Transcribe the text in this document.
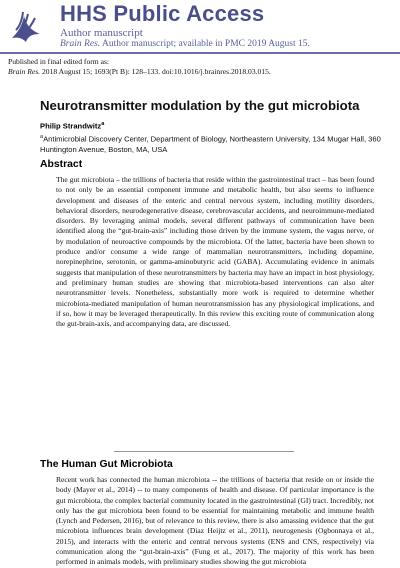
HHS Public Access
Author manuscript
Brain Res. Author manuscript; available in PMC 2019 August 15.
Published in final edited form as:
Brain Res. 2018 August 15; 1693(Pt B): 128–133. doi:10.1016/j.brainres.2018.03.015.
Neurotransmitter modulation by the gut microbiota
Philip Strandwitz$^a$
$^a$Antimicrobial Discovery Center, Department of Biology, Northeastern University, 134 Mugar Hall, 360 Huntington Avenue, Boston, MA, USA
Abstract
The gut microbiota – the trillions of bacteria that reside within the gastrointestinal tract – has been found to not only be an essential component immune and metabolic health, but also seems to influence development and diseases of the enteric and central nervous system, including motility disorders, behavioral disorders, neurodegenerative disease, cerebrovascular accidents, and neuroimmune-mediated disorders. By leveraging animal models, several different pathways of communication have been identified along the “gut-brain-axis” including those driven by the immune system, the vagus nerve, or by modulation of neuroactive compounds by the microbiota. Of the latter, bacteria have been shown to produce and/or consume a wide range of mammalian neurotransmitters, including dopamine, norepinephrine, serotonin, or gamma-aminobutyric acid (GABA). Accumulating evidence in animals suggests that manipulation of these neurotransmitters by bacteria may have an impact in host physiology, and preliminary human studies are showing that microbiota-based interventions can also alter neurotransmitter levels. Nonetheless, substantially more work is required to determine whether microbiota-mediated manipulation of human neurotransmission has any physiological implications, and if so, how it may be leveraged therapeutically. In this review this exciting route of communication along the gut-brain-axis, and accompanying data, are discussed.
The Human Gut Microbiota
Recent work has connected the human microbiota -- the trillions of bacteria that reside on or inside the body (Mayer et al., 2014) -- to many components of health and disease. Of particular importance is the gut microbiota, the complex bacterial community located in the gastrointestinal (GI) tract. Incredibly, not only has the gut microbiota been found to be essential for maintaining metabolic and immune health (Lynch and Pedersen, 2016), but of relevance to this review, there is also amassing evidence that the gut microbiota influences brain development (Diaz Heijtz et al., 2011), neurogenesis (Ogbonnaya et al., 2015), and interacts with the enteric and central nervous systems (ENS and CNS, respectively) via communication along the “gut-brain-axis” (Fung et al., 2017). The majority of this work has been performed in animals models, with preliminary studies showing the gut microbiota
